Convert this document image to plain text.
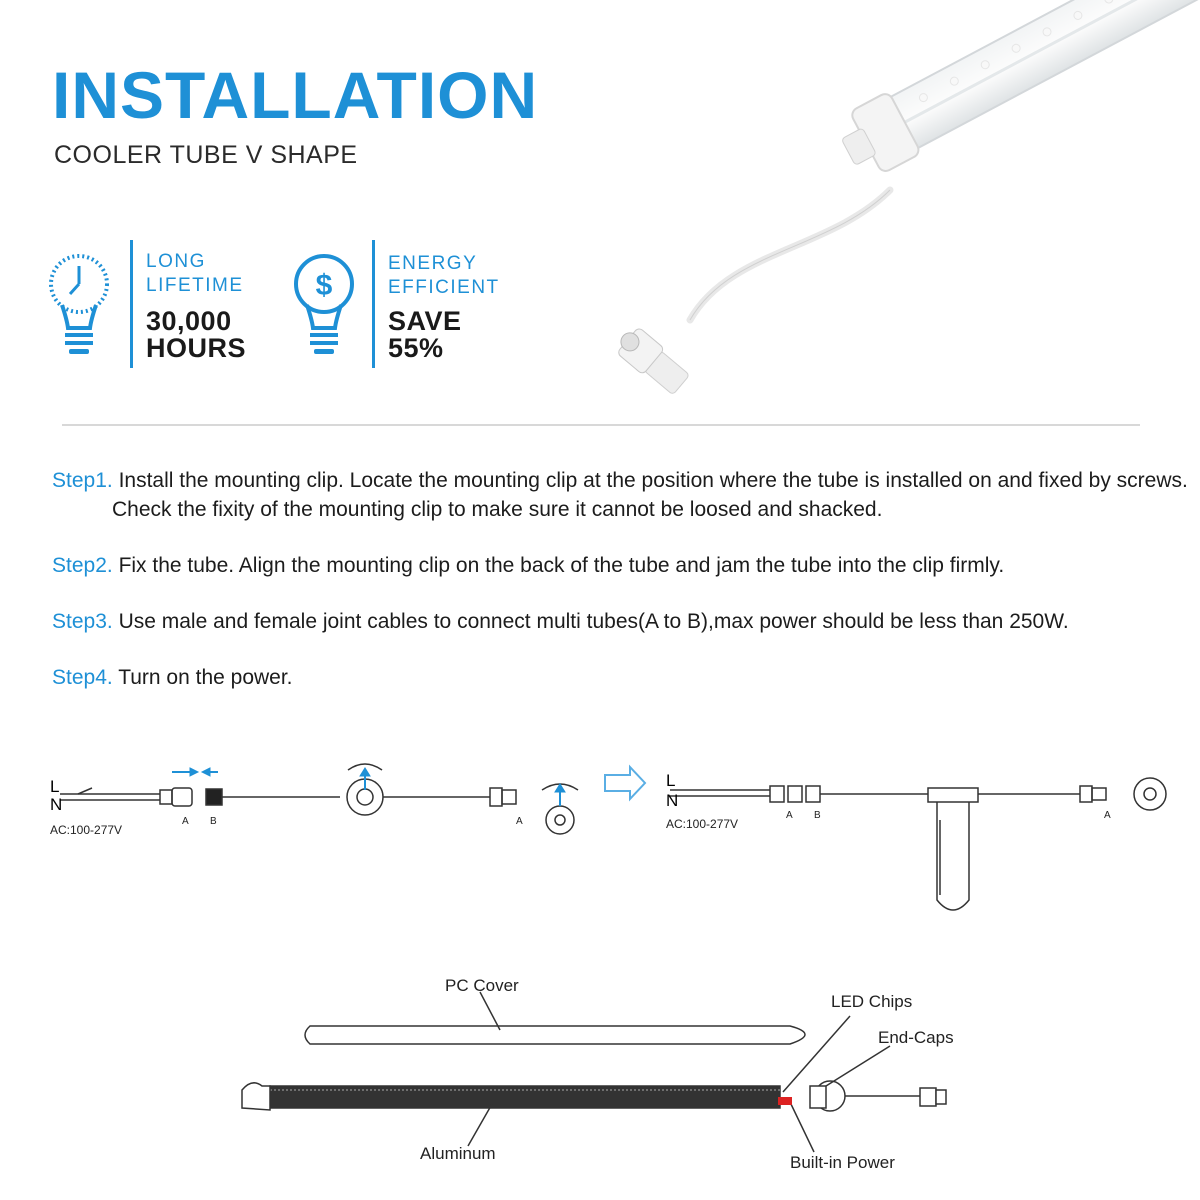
INSTALLATION

COOLER TUBE V SHAPE

LONG
LIFETIME
30,000
HOURS
$
ENERGY
EFFICIENT
SAVE
55%
Step1. Install the mounting clip. Locate the mounting clip at the position where the tube is installed on and fixed by screws.
Check the fixity of the mounting clip to make sure it cannot be loosed and shacked.
Step2. Fix the tube. Align the mounting clip on the back of the tube and jam the tube into the clip firmly.
Step3. Use male and female joint cables to connect multi tubes(A to B),max power should be less than 250W.
Step4. Turn on the power.
L
N
AC:100-277V
A B	A
L
N
AC:100-277V
A B	A
PC Cover
LED Chips
End-Caps
Aluminum	Built-in Power
